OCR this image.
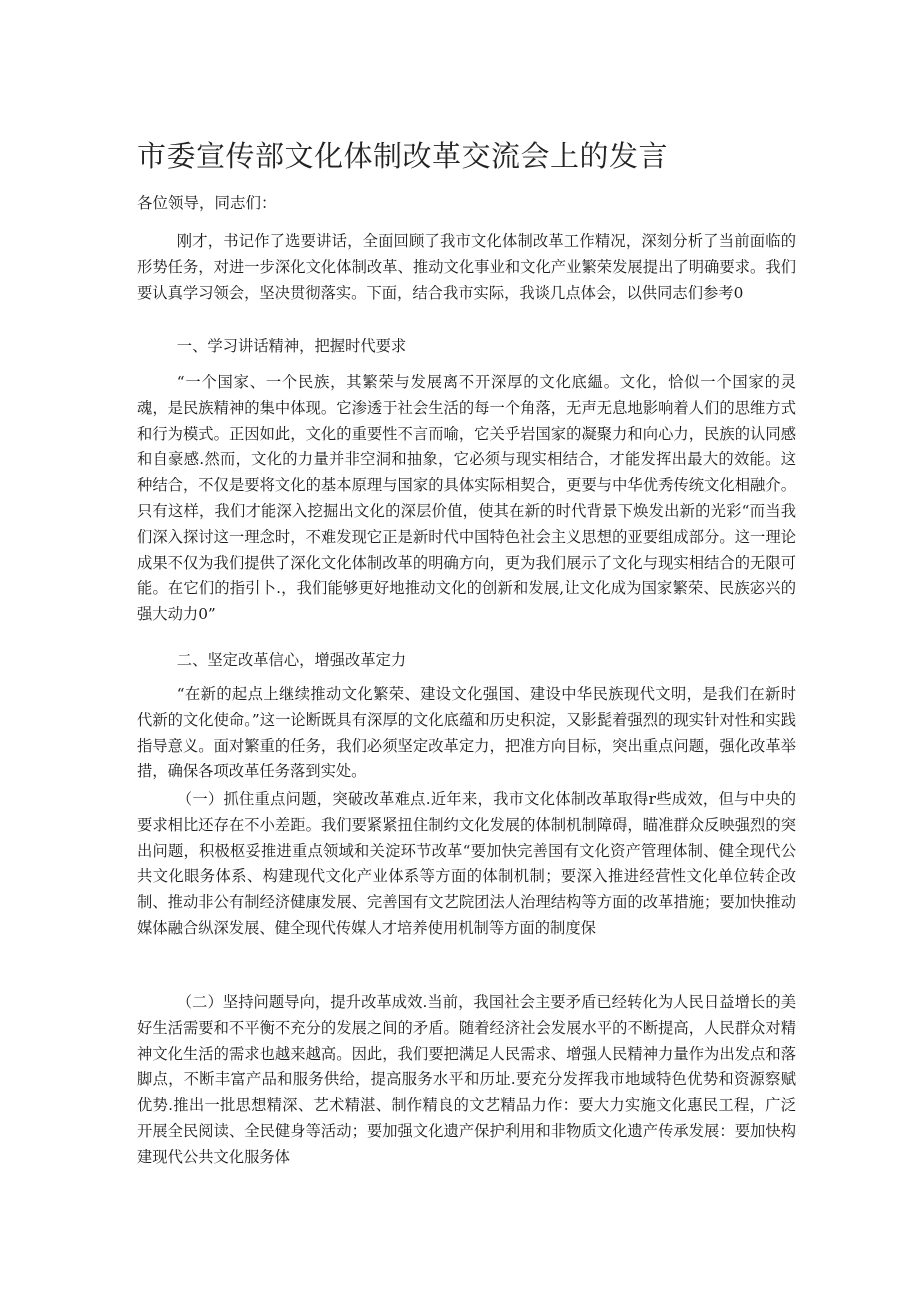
市委宣传部文化体制改革交流会上的发言

各位领导，同志们：

刚才，书记作了选要讲话，全面回顾了我市文化体制改革工作精况，深刻分析了当前面临的形势任务，对进一步深化文化体制改革、推动文化事业和文化产业繁荣发展提出了明确要求。我们要认真学习领会，坚决贯彻落实。下面，结合我市实际，我谈几点体会，以供同志们参考0

一、学习讲话精神，把握时代要求

“一个国家、一个民族，其繁荣与发展离不开深厚的文化底緼。文化，恰似一个国家的灵魂，是民族精神的集中体现。它渗透于社会生活的每一个角落，无声无息地影响着人们的思维方式和行为模式。正因如此，文化的重要性不言而喻，它关乎岩国家的凝聚力和向心力，民族的认同感和自豪感.然而，文化的力量并非空洞和抽象，它必须与现实相结合，才能发挥出最大的效能。这种结合，不仅是要将文化的基本原理与国家的具体实际相契合，更要与中华优秀传统文化相融介。只有这样，我们才能深入挖掘出文化的深层价值，使其在新的时代背景下焕发出新的光彩“而当我们深入探讨这一理念时，不难发现它正是新时代中国特色社会主义思想的亚要组成部分。这一理论成果不仅为我们提供了深化文化体制改革的明确方向，更为我们展示了文化与现实相结合的无限可能。在它们的指引卜.，我们能够更好地推动文化的创新和发展,让文化成为国家繁荣、民族宓兴的强大动力0”

二、坚定改革信心，增强改革定力

“在新的起点上继续推动文化繁荣、建设文化强国、建设中华民族现代文明，是我们在新时代新的文化使命。”这一论断既具有深厚的文化底蕴和历史积淀，又影髭着强烈的现实针对性和实践指导意义。面对繁重的任务，我们必须坚定改革定力，把准方向目标，突出重点问题，强化改革举措，确保各项改革任务落到实处。

（一）抓住重点问题，突破改革难点.近年来，我市文化体制改革取得r些成效，但与中央的要求相比还存在不小差距。我们要紧紧扭住制约文化发展的体制机制障碍，瞄准群众反映强烈的突出问题，积极枢妥推进重点领域和关淀环节改革“要加快完善国有文化资产管理体制、健全现代公共文化眼务体系、构建现代文化产业体系等方面的体制机制；要深入推进经营性文化单位转企改制、推动非公有制经济健康发展、完善国有文艺院团法人治理结构等方面的改革措施；要加快推动媒体融合纵深发展、健全现代传媒人才培养使用机制等方面的制度保

（二）坚持问题导向，提升改革成效.当前，我国社会主要矛盾已经转化为人民日益增长的美好生活需要和不平衡不充分的发展之间的矛盾。随着经济社会发展水平的不断提高，人民群众对精神文化生活的需求也越来越高。因此，我们要把满足人民需求、增强人民精神力量作为出发点和落脚点，不断丰富产品和服务供给，提高服务水平和历址.要充分发挥我市地域特色优势和资源察赋优势.推出一批思想精深、艺术精湛、制作精良的文艺精品力作：要大力实施文化惠民工程，广泛开展全民阅读、全民健身等活动；要加强文化遗产保护利用和非物质文化遗产传承发展：要加快构建现代公共文化服务体
